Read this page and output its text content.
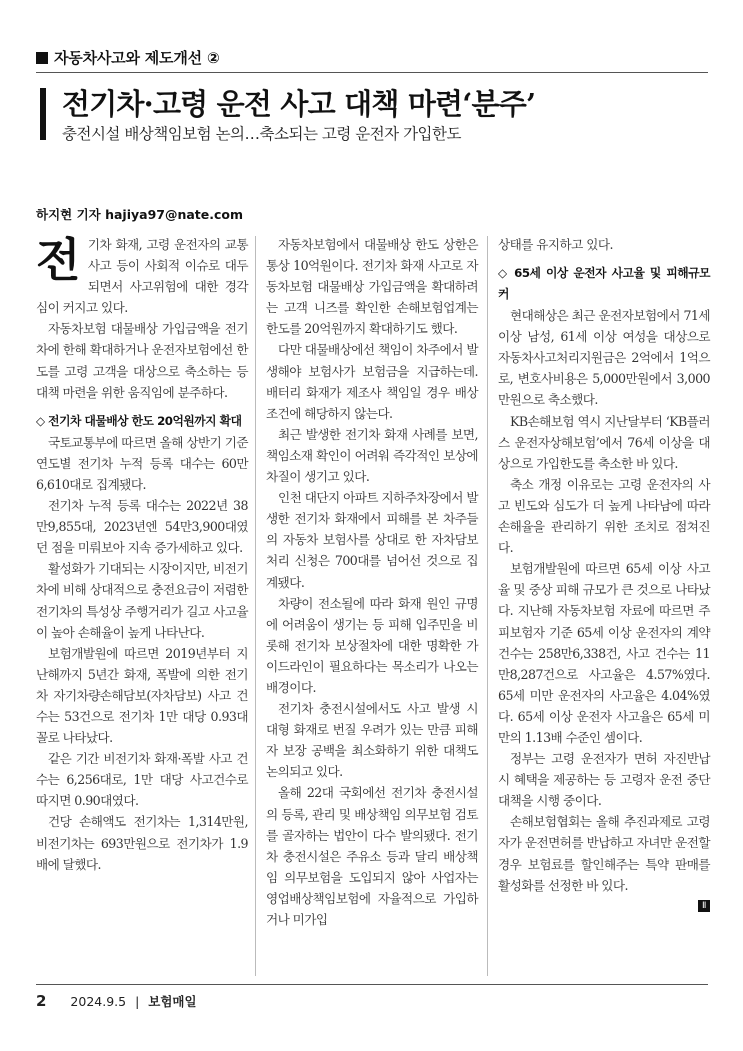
자동차사고와 제도개선 ②
전기차·고령 운전 사고 대책 마련‘분주’
충전시설 배상책임보험 논의…축소되는 고령 운전자 가입한도
하지현 기자 hajiya97@nate.com
전 기차 화재, 고령 운전자의 교통사고 등이 사회적 이슈로 대두되면서 사고위험에 대한 경각심이 커지고 있다.

자동차보험 대물배상 가입금액을 전기차에 한해 확대하거나 운전자보험에선 한도를 고령 고객을 대상으로 축소하는 등 대책 마련을 위한 움직임에 분주하다.

◇ 전기차 대물배상 한도 20억원까지 확대

국토교통부에 따르면 올해 상반기 기준 연도별 전기차 누적 등록 대수는 60만6,610대로 집계됐다.

전기차 누적 등록 대수는 2022년 38만9,855대, 2023년엔 54만3,900대였던 점을 미뤄보아 지속 증가세하고 있다.

활성화가 기대되는 시장이지만, 비전기차에 비해 상대적으로 충전요금이 저렴한 전기차의 특성상 주행거리가 길고 사고율이 높아 손해율이 높게 나타난다.

보험개발원에 따르면 2019년부터 지난해까지 5년간 화재, 폭발에 의한 전기차 자기차량손해담보(자차담보) 사고 건수는 53건으로 전기차 1만 대당 0.93대 꼴로 나타났다.

같은 기간 비전기차 화재·폭발 사고 건수는 6,256대로, 1만 대당 사고건수로 따지면 0.90대였다.

건당 손해액도 전기차는 1,314만원, 비전기차는 693만원으로 전기차가 1.9배에 달했다.

자동차보험에서 대물배상 한도 상한은 통상 10억원이다. 전기차 화재 사고로 자동차보험 대물배상 가입금액을 확대하려는 고객 니즈를 확인한 손해보험업계는 한도를 20억원까지 확대하기도 했다.

다만 대물배상에선 책임이 차주에서 발생해야 보험사가 보험금을 지급하는데. 배터리 화재가 제조사 책임일 경우 배상 조건에 해당하지 않는다.

최근 발생한 전기차 화재 사례를 보면, 책임소재 확인이 어려워 즉각적인 보상에 차질이 생기고 있다.

인천 대단지 아파트 지하주차장에서 발생한 전기차 화재에서 피해를 본 차주들의 자동차 보험사를 상대로 한 자차담보 처리 신청은 700대를 넘어선 것으로 집계됐다.

차량이 전소될에 따라 화재 원인 규명에 어려움이 생기는 등 피해 입주민을 비롯해 전기차 보상절차에 대한 명확한 가이드라인이 필요하다는 목소리가 나오는 배경이다.

전기차 충전시설에서도 사고 발생 시 대형 화재로 번질 우려가 있는 만큼 피해자 보장 공백을 최소화하기 위한 대책도 논의되고 있다.

올해 22대 국회에선 전기차 충전시설의 등록, 관리 및 배상책임 의무보험 검토를 골자하는 법안이 다수 발의됐다. 전기차 충전시설은 주유소 등과 달리 배상책임 의무보험을 도입되지 않아 사업자는 영업배상책임보험에 자율적으로 가입하거나 미가입

상태를 유지하고 있다.

◇ 65세 이상 운전자 사고율 및 피해규모 커

현대해상은 최근 운전자보험에서 71세 이상 남성, 61세 이상 여성을 대상으로 자동차사고처리지원금은 2억에서 1억으로, 변호사비용은 5,000만원에서 3,000만원으로 축소했다.

KB손해보험 역시 지난달부터 ‘KB플러스 운전자상해보험’에서 76세 이상을 대상으로 가입한도를 축소한 바 있다.

축소 개정 이유로는 고령 운전자의 사고 빈도와 심도가 더 높게 나타남에 따라 손해율을 관리하기 위한 조치로 점쳐진다.

보험개발원에 따르면 65세 이상 사고율 및 중상 피해 규모가 큰 것으로 나타났다. 지난해 자동차보험 자료에 따르면 주피보험자 기준 65세 이상 운전자의 계약 건수는 258만6,338건, 사고 건수는 11만8,287건으로 사고율은 4.57%였다. 65세 미만 운전자의 사고율은 4.04%였다. 65세 이상 운전자 사고율은 65세 미만의 1.13배 수준인 셈이다.

정부는 고령 운전자가 면허 자진반납 시 혜택을 제공하는 등 고령자 운전 중단 대책을 시행 중이다.

손해보험협회는 올해 추진과제로 고령자가 운전면허를 반납하고 자녀만 운전할 경우 보험료를 할인해주는 특약 판매를 활성화를 선정한 바 있다.

Ⅱ
2 2024.9.5 | 보험매일
